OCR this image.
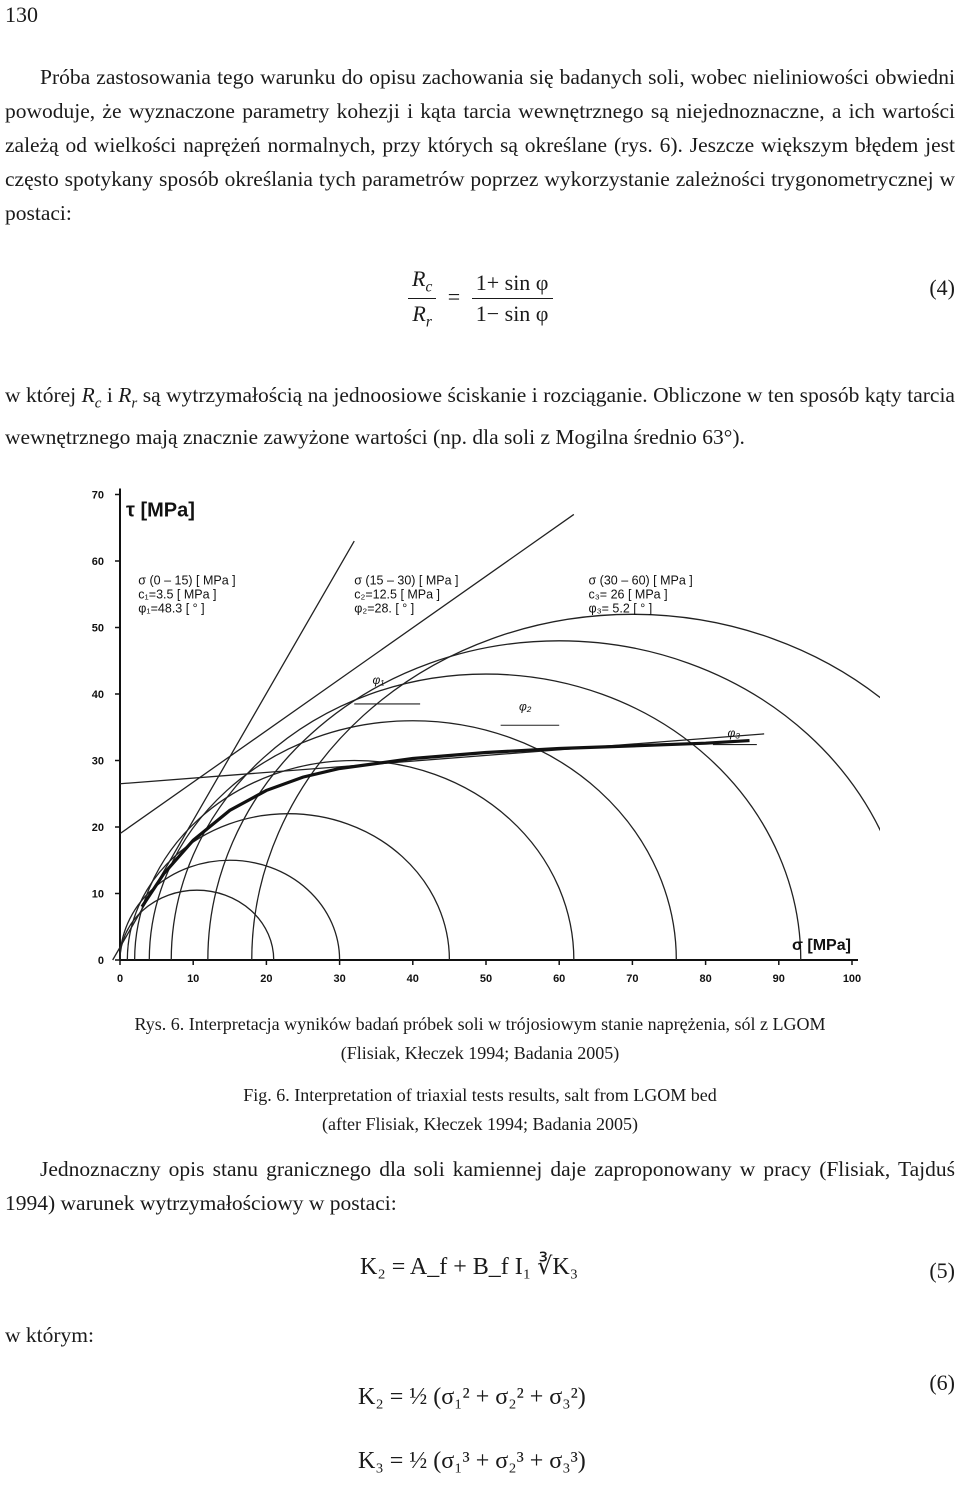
130

Próba zastosowania tego warunku do opisu zachowania się badanych soli, wobec nieliniowości obwiedni powoduje, że wyznaczone parametry kohezji i kąta tarcia wewnętrznego są niejednoznaczne, a ich wartości zależą od wielkości naprężeń normalnych, przy których są określane (rys. 6). Jeszcze większym błędem jest często spotykany sposób określania tych parametrów poprzez wykorzystanie zależności trygonometrycznej w postaci:

$\frac{R_c}{R_r} = \frac{\text{1+ sin φ}}{\text{1− sin φ}}$	(4)

w której $R_c$ i $R_r$ są wytrzymałością na jednoosiowe ściskanie i rozciąganie. Obliczone w ten sposób kąty tarcia wewnętrznego mają znacznie zawyżone wartości (np. dla soli z Mogilna średnio 63°).

0	10	20	30	40	50	60	70	80	90	100
0
10
20
30
40
50
60
70
τ [MPa]
σ [MPa]
σ (0 – 15) [ MPa ]
c₁=3.5 [ MPa ]
φ₁=48.3 [ ° ]
σ (15 – 30) [ MPa ]
c₂=12.5 [ MPa ]
φ₂=28. [ ° ]
σ (30 – 60) [ MPa ]
c₃= 26 [ MPa ]
φ₃= 5.2 [ ° ]
φ₁
φ₂
φ₃
Rys. 6. Interpretacja wyników badań próbek soli w trójosiowym stanie naprężenia, sól z LGOM
(Flisiak, Kłeczek 1994; Badania 2005)
Fig. 6. Interpretation of triaxial tests results, salt from LGOM bed
(after Flisiak, Kłeczek 1994; Badania 2005)

Jednoznaczny opis stanu granicznego dla soli kamiennej daje zaproponowany w pracy (Flisiak, Tajduś 1994) warunek wytrzymałościowy w postaci:

K₂ = A_f + B_f I₁ ∛K₃	(5)
w którym:
K₂ = ½ (σ₁² + σ₂² + σ₃²)
K₃ = ½ (σ₁³ + σ₂³ + σ₃³)
(6)
